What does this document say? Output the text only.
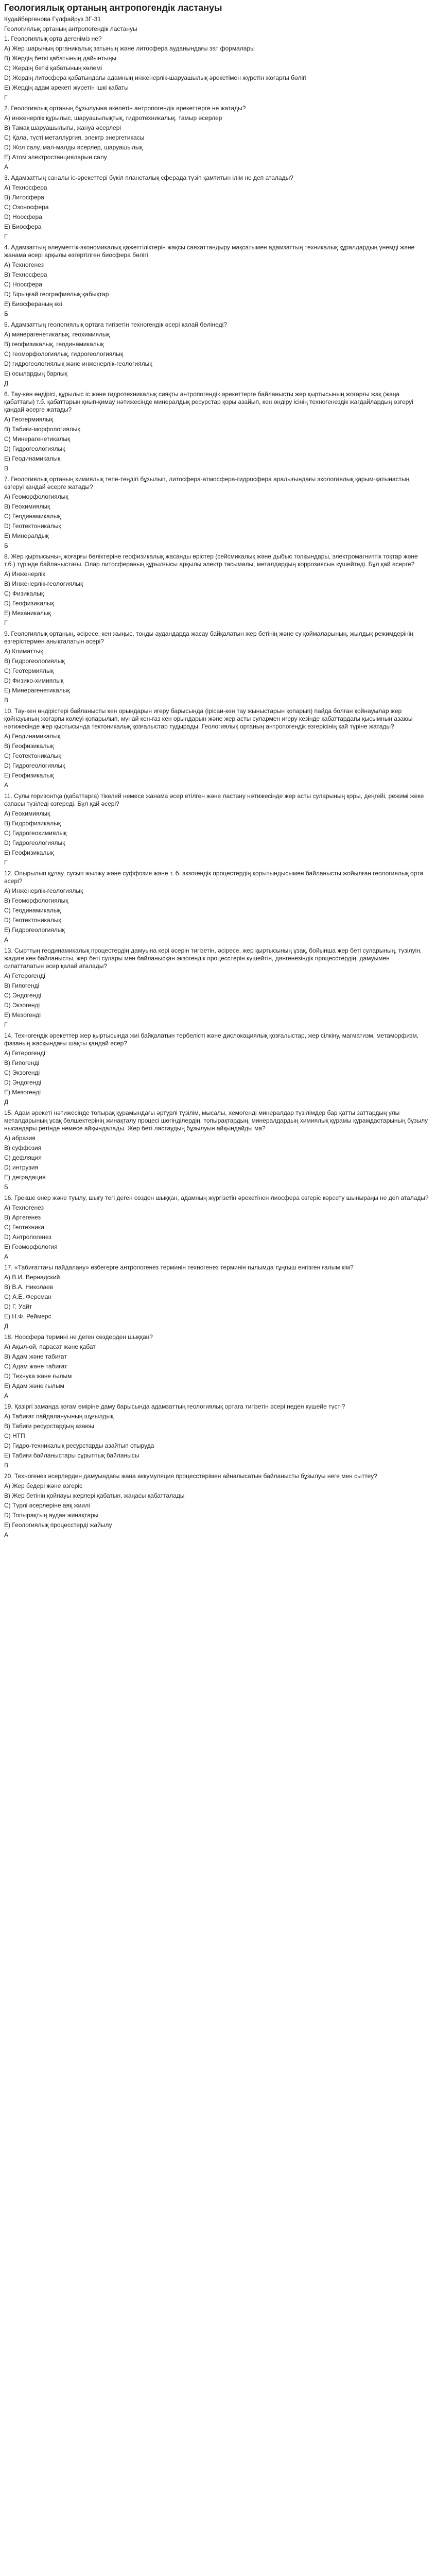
Геологиялық ортаның антропогендік ластануы

Кудайбергенова Гүлфайруз 3Г-31

Геологиялық ортаның антропогендік ластануы

1. Геологиялық орта дегеніміз не?

A) Жер шарының органикалық затының және литосфера ауданындағы зат формалары

B) Жердің беткі қабатының дайынтыңы

C) Жердің беткі қабатының көлемі

D) Жердің литосфера қабатындағы адамның инженерлік-шаруашылық әрекетімен жүретін жоғарғы бөлігі

E) Жердің адам әрекеті жүретін ішкі қабаты

Г

2. Геологиялық ортаның бұзылуына әкелетін антропогендік әрекеттерге не жатады?

A) инженерлік құрылыс, шаруашылықтық, гидротехникалық, тамыр әсерлер

B) Тамақ шаруашылығы, жануа әсерлері

C) Қала, түсті металлургия, электр энергетикасы

D) Жол салу, мал-малды әсерлер, шаруашылық

E) Атом электростанцияларын салу

A

3. Адамзаттың саналы іс-әрекеттері бүкіл планеталық сферада түзіп қамтитын ілім не деп аталады?

A) Техносфера

B) Литосфера

C) Озоносфера

D) Ноосфера

E) Биосфера

Г

4. Адамзаттың әлеуметтік-экономикалық қажеттіліктерін жақсы саяхаттандыру мақсатымен адамзаттың техникалық құралдардың үнемді және жанама әсері арқылы өзгертілген биосфера бөлігі

A) Техногенез

B) Техносфера

C) Ноосфера

D) Бірыңғай географиялық қабықтар

E) Биосфераның өзі

Б

5. Адамзаттың геологиялық ортаға тигізетін техногендік әсері қалай бөлінеді?

A) минерагенетикалық, геохимиялық

B) геофизикалық, геодинамикалық

C) геоморфологиялық, гидрогеологиялық

D) гидрогеологиялық және инженерлік-геологиялық

E) осылардың барлық

Д

6. Тау-кен өндірісі, құрылыс іс және гидротехникалық сияқты антропогендік әрекеттерге байланысты жер қыртысының жоғарғы жақ (жаңа қабаттағы) т.б. қабаттарын қиып-қимау нәтижесінде минералдық ресурстар қоры азайып, кен өндіру ісінің техногенездік жағдайлардың өзгеруі қандай әсерге жатады?

A) Геотермиялық

B) Табиғи-морфологиялық

C) Минерагенетикалық

D) Гидрогеологиялық

E) Геодинамикалық

В

7. Геологиялық ортаның химиялық тепе-теңдігі бұзылып, литосфера-атмосфера-гидросфера аралығындағы экологиялық қарым-қатынастың өзгеруі қандай әсерге жатады?

A) Геоморфологиялық

B) Геохимиялық

C) Геодинамикалық

D) Геотектоникалық

E) Минералдық

Б

8. Жер қыртысының жоғарғы бөліктеріне геофизикалық жасанды өрістер (сейсмикалық және дыбыс толқындары, электромагниттік тоқтар және т.б.) түрінде байланыстағы. Олар литосфераның құрылғысы арқылы электр тасымалы, металдардың коррозиясын күшейтеді. Бұл қай әсерге?

A) Инженерлік

B) Инженерлік-геологиялық

C) Физикалық

D) Геофизикалық

E) Механикалық

Г

9. Геологиялық ортаның, әсіресе, кен жыңыс, тоңды аудандарда жасау байқалатын жер бетінің және су қоймаларының, жылдық режимдерінің өзгерістермен анықталатын әсері?

A) Климаттық

B) Гидрогеологиялық

C) Геотермиялық

D) Физико-химиялық

E) Минерагенетикалық

В

10. Тау-кен өндірістері байланысты кен орындарын игеру барысында (ірісаи-кен тау жыныстарын қопарып) пайда болған қойнауылар жер қойнауының жоғарғы көлеуі қопарылып, мұнай кен-газ кен орындарын және жер асты сулармен игеру кезінде қабаттардағы қысымның азаюы нәтижесінде жер қыртысында тектоникалық қозғалыстар тудырады. Геологиялық ортаның антропогендік өзгерісінің қай түріне жатады?

A) Геодинамикалық

B) Геофизикалық

C) Геотектоникалық

D) Гидрогеологиялық

E) Геофизикалық

А

11. Сулы горизонтқа (қабаттарға) тікелей немесе жанама әсер етілген және ластану нәтижесінде жер асты суларының қоры, деңгейі, режимі жеке сапасы түзіледі өзгереді. Бұл қай әсері?

A) Геохимиялық

B) Гидрофизикалық

C) Гидрогеохимиялық

D) Гидрогеологиялық

E) Геофизикалық

Г

12. Опырылып құлау, сусып жылжу және суффозия және т. б. экзогендік процестердің қорытындысымен байланысты жойылған геологиялық орта әсері?

A) Инженерлік-геологиялық

B) Геоморфологиялық

C) Геодинамикалық

D) Геотектоникалық

E) Гидрогеологиялық

А

13. Сырттың геодинамикалық процестердің дамуына кері әсерін тигізетін, әсіресе, жер қыртысының ұзақ, бойынша жер беті суларының, түзілуін, жадиге кен байланысты, жер беті сулары мен байланысқан экзогендік процесстерін күшейтін, дәнгенезіндік процесстердің, дамуымен сипатталатын әсер қалай аталады?

A) Гетерогенді

B) Гипогенді

C) Эндогенді

D) Экзогенді

E) Мезогенді

Г

14. Техногендік әрекеттер жер қыртысында жиі байқалатын тербелісті және дислокациялық қозғалыстар, жер сілкіну, магматизм, метаморфизм, фазаның жасқындағы шақты қандай әсер?

A) Гетерогенді

B) Гипогенді

C) Экзогенді

D) Эндогенді

E) Мезогенді

Д

15. Адам әрекеті нәтижесінде топырақ құрамындағы әртүрлі түзілім, мысалы, хемогенді минералдар түзілімдер бар қатты заттардың улы металдарының ұсақ бөлшектерінің жинақталу процесі шөгінділердің, топырақтардың, минералдардың химиялық құрамы құрамдастарының бұзылу нысандары ретінде немесе айқындалады. Жер беті ластаудың бұзылуын айқындайды ма?

A) абразия

B) суффозия

C) дефляция

D) интрузия

E) деградация

Б

16. Грекше өнер және туылу, шығу тегі деген сөзден шыққан, адамның жүргізетін әрекетінен лиосфера өзгеріс көрсету шыныраңы не деп аталады?

A) Техногенез

B) Артегенез

C) Геотехника

D) Антропогенез

E) Геоморфология

А

17. «Табиғаттағы пайдалану» өзбегерге антропогенез терминін техногенез терминін ғылымда тұңғыш енгізген ғалым кім?

A) В.И. Вернадский

B) В.А. Николаев

C) А.Е. Ферсман

D) Г. Уайт

E) Н.Ф. Реймерс

Д

18. Ноосфера термині не деген сөздерден шыққан?

A) Ақыл-ой, парасат және қабат

B) Адам және табиғат

C) Адам және табиғат

D) Технука және ғылым

E) Адам және ғылым

А

19. Қазіргі заманда қоғам өміріне даму барысында адамзаттың геологиялық ортаға тигізетін әсері неден күшейе түсті?

A) Табиғат пайдалануының шұғылдық

B) Табиғи ресурстардың азаюы

C) НТП

D) Гидро-техникалық ресурстарды азайтып отыруда

E) Табиғи байланыстары сұрыптық байланысы

В

20. Техногенез әсерлерден дамуындағы жаңа аккумуляция процесстерімен айналысатын байланысты бұзылуы неге мен сыттеу?

A) Жер бедері және өзгеріс

B) Жер бетінің қойнауы жерлері қабатын, жаңасы қабатталады

C) Түрлі әсерлеріне аяқ жиилі

D) Топырақтың аудан жинақтары

E) Геологиялық процесстерді жайылу

А
